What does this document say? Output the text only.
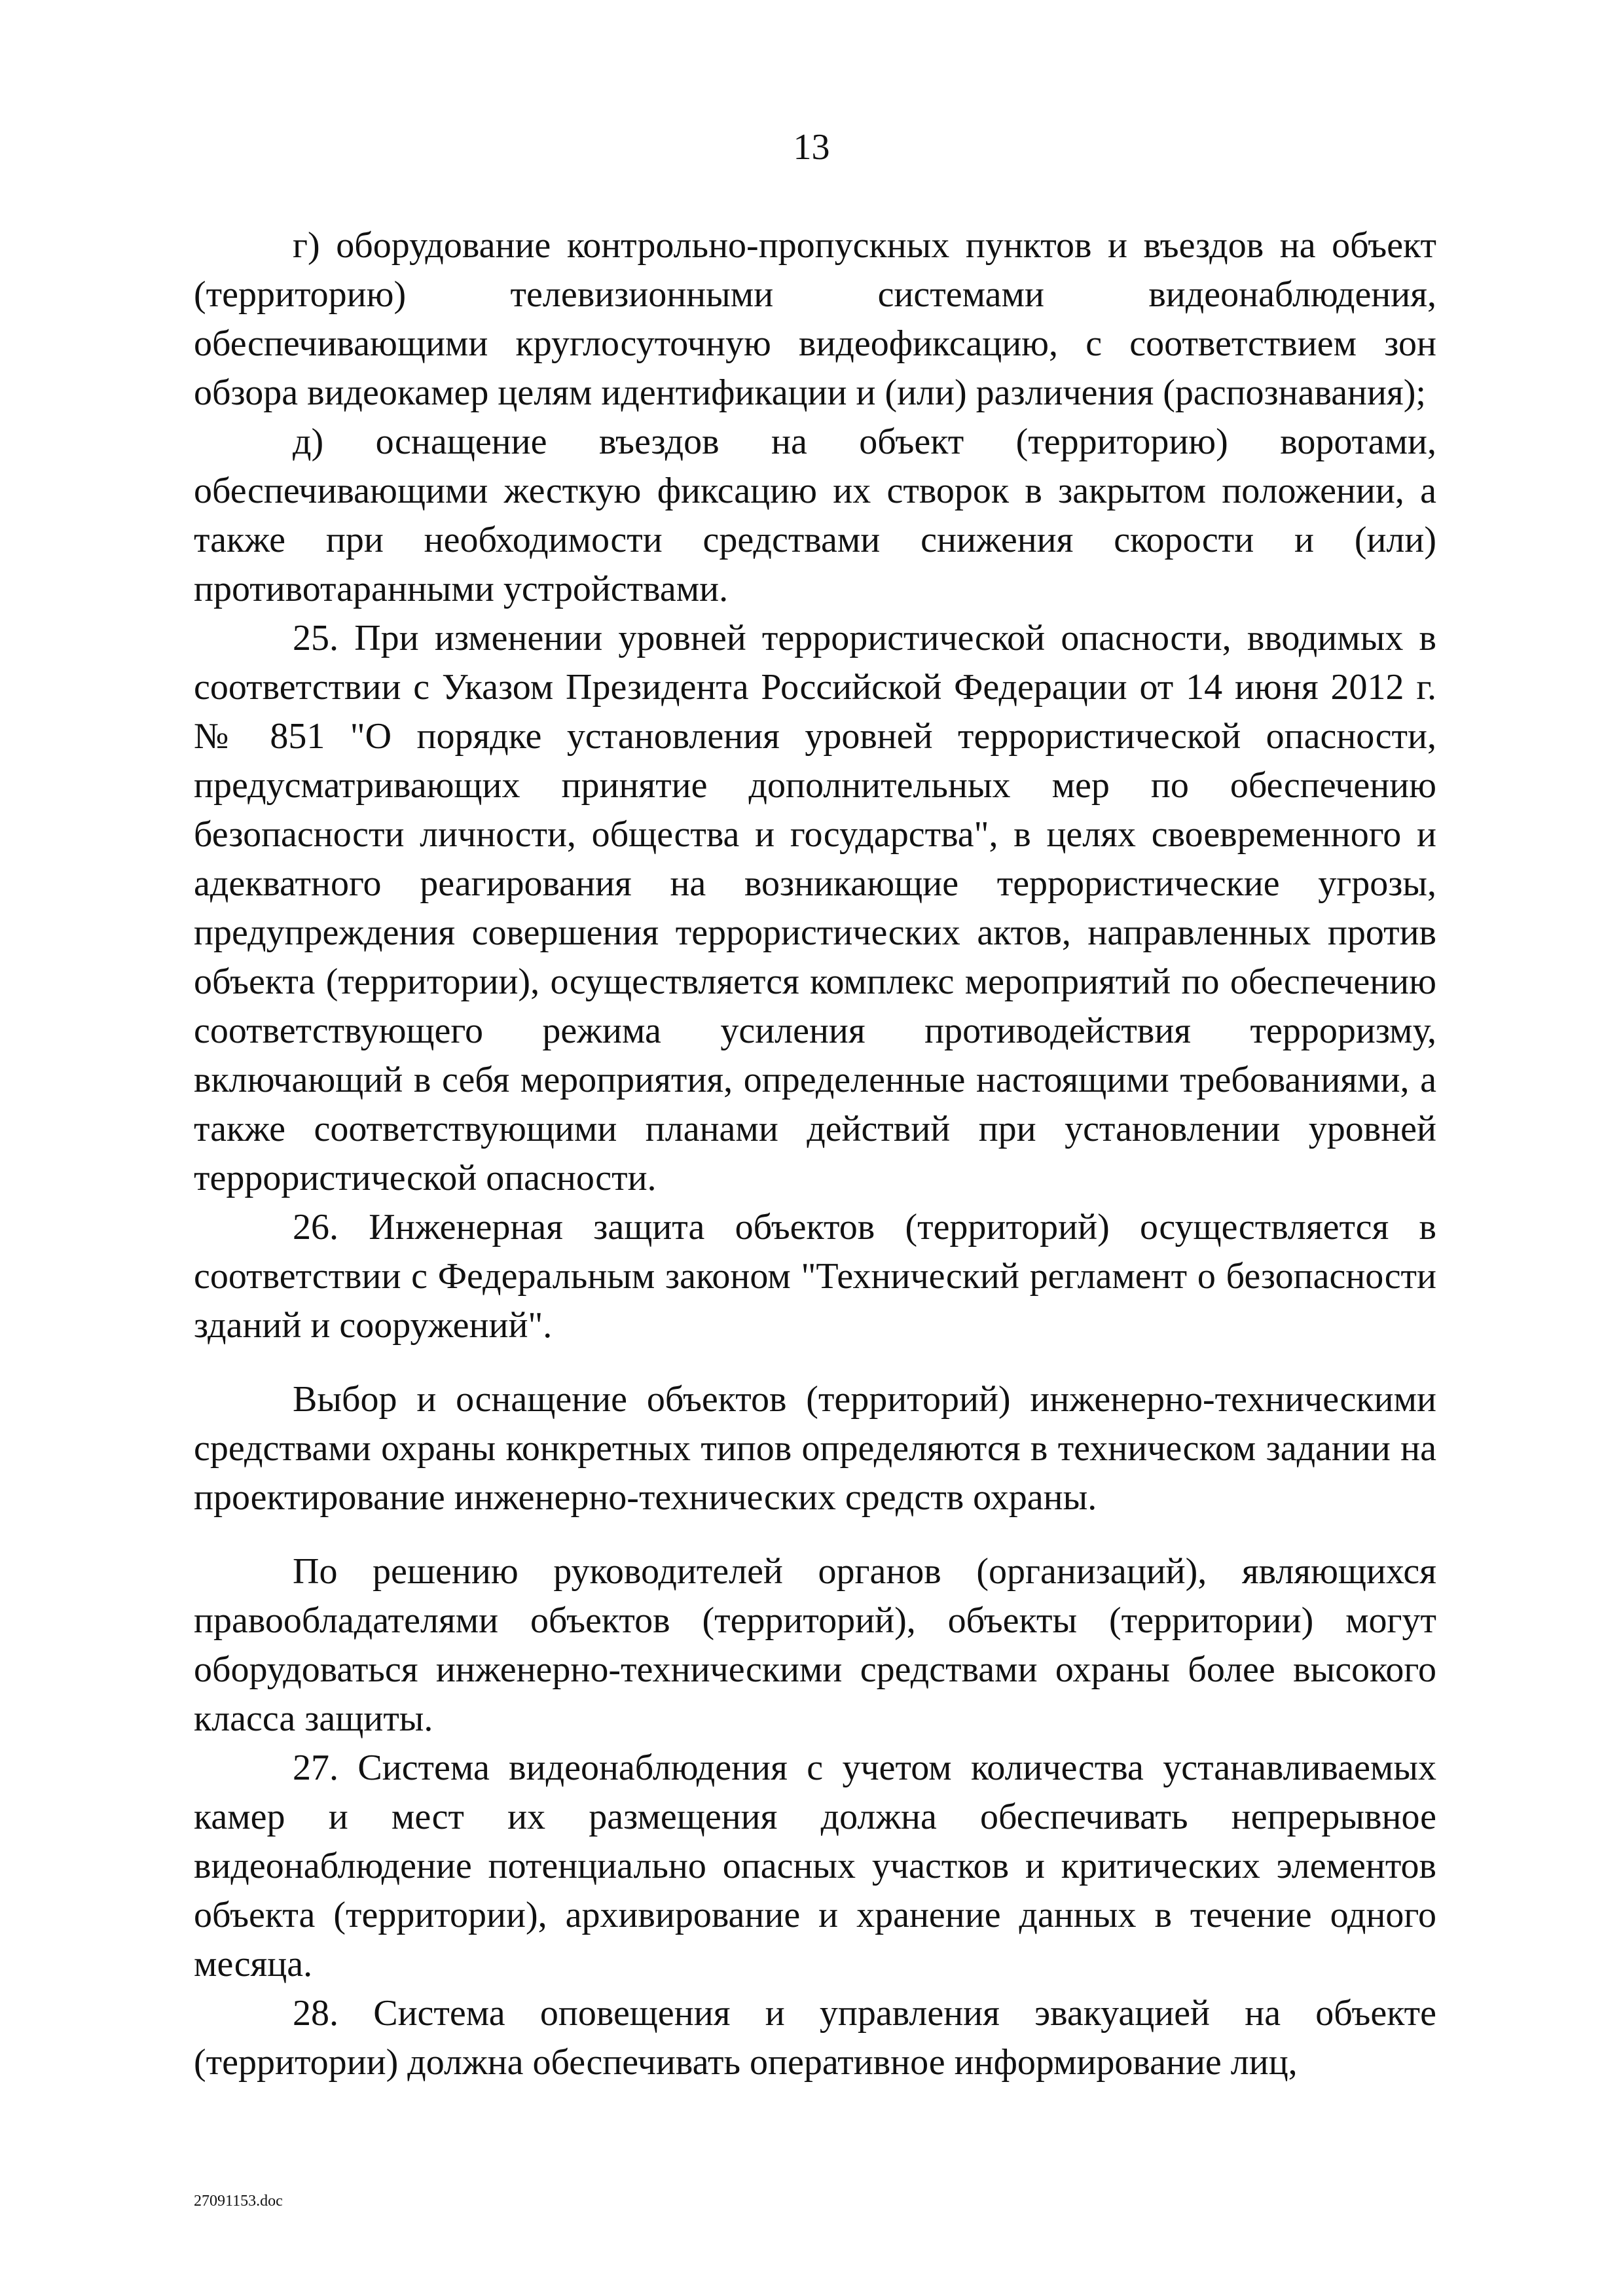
13

г) оборудование контрольно-пропускных пунктов и въездов на объект (территорию) телевизионными системами видеонаблюдения, обеспечивающими круглосуточную видеофиксацию, с соответствием зон обзора видеокамер целям идентификации и (или) различения (распознавания);

д) оснащение въездов на объект (территорию) воротами, обеспечивающими жесткую фиксацию их створок в закрытом положении, а также при необходимости средствами снижения скорости и (или) противотаранными устройствами.

25. При изменении уровней террористической опасности, вводимых в соответствии с Указом Президента Российской Федерации от 14 июня 2012 г. № 851 "О порядке установления уровней террористической опасности, предусматривающих принятие дополнительных мер по обеспечению безопасности личности, общества и государства", в целях своевременного и адекватного реагирования на возникающие террористические угрозы, предупреждения совершения террористических актов, направленных против объекта (территории), осуществляется комплекс мероприятий по обеспечению соответствующего режима усиления противодействия терроризму, включающий в себя мероприятия, определенные настоящими требованиями, а также соответствующими планами действий при установлении уровней террористической опасности.

26. Инженерная защита объектов (территорий) осуществляется в соответствии с Федеральным законом "Технический регламент о безопасности зданий и сооружений".

Выбор и оснащение объектов (территорий) инженерно-техническими средствами охраны конкретных типов определяются в техническом задании на проектирование инженерно-технических средств охраны.

По решению руководителей органов (организаций), являющихся правообладателями объектов (территорий), объекты (территории) могут оборудоваться инженерно-техническими средствами охраны более высокого класса защиты.

27. Система видеонаблюдения с учетом количества устанавливаемых камер и мест их размещения должна обеспечивать непрерывное видеонаблюдение потенциально опасных участков и критических элементов объекта (территории), архивирование и хранение данных в течение одного месяца.

28. Система оповещения и управления эвакуацией на объекте (территории) должна обеспечивать оперативное информирование лиц,

27091153.doc
